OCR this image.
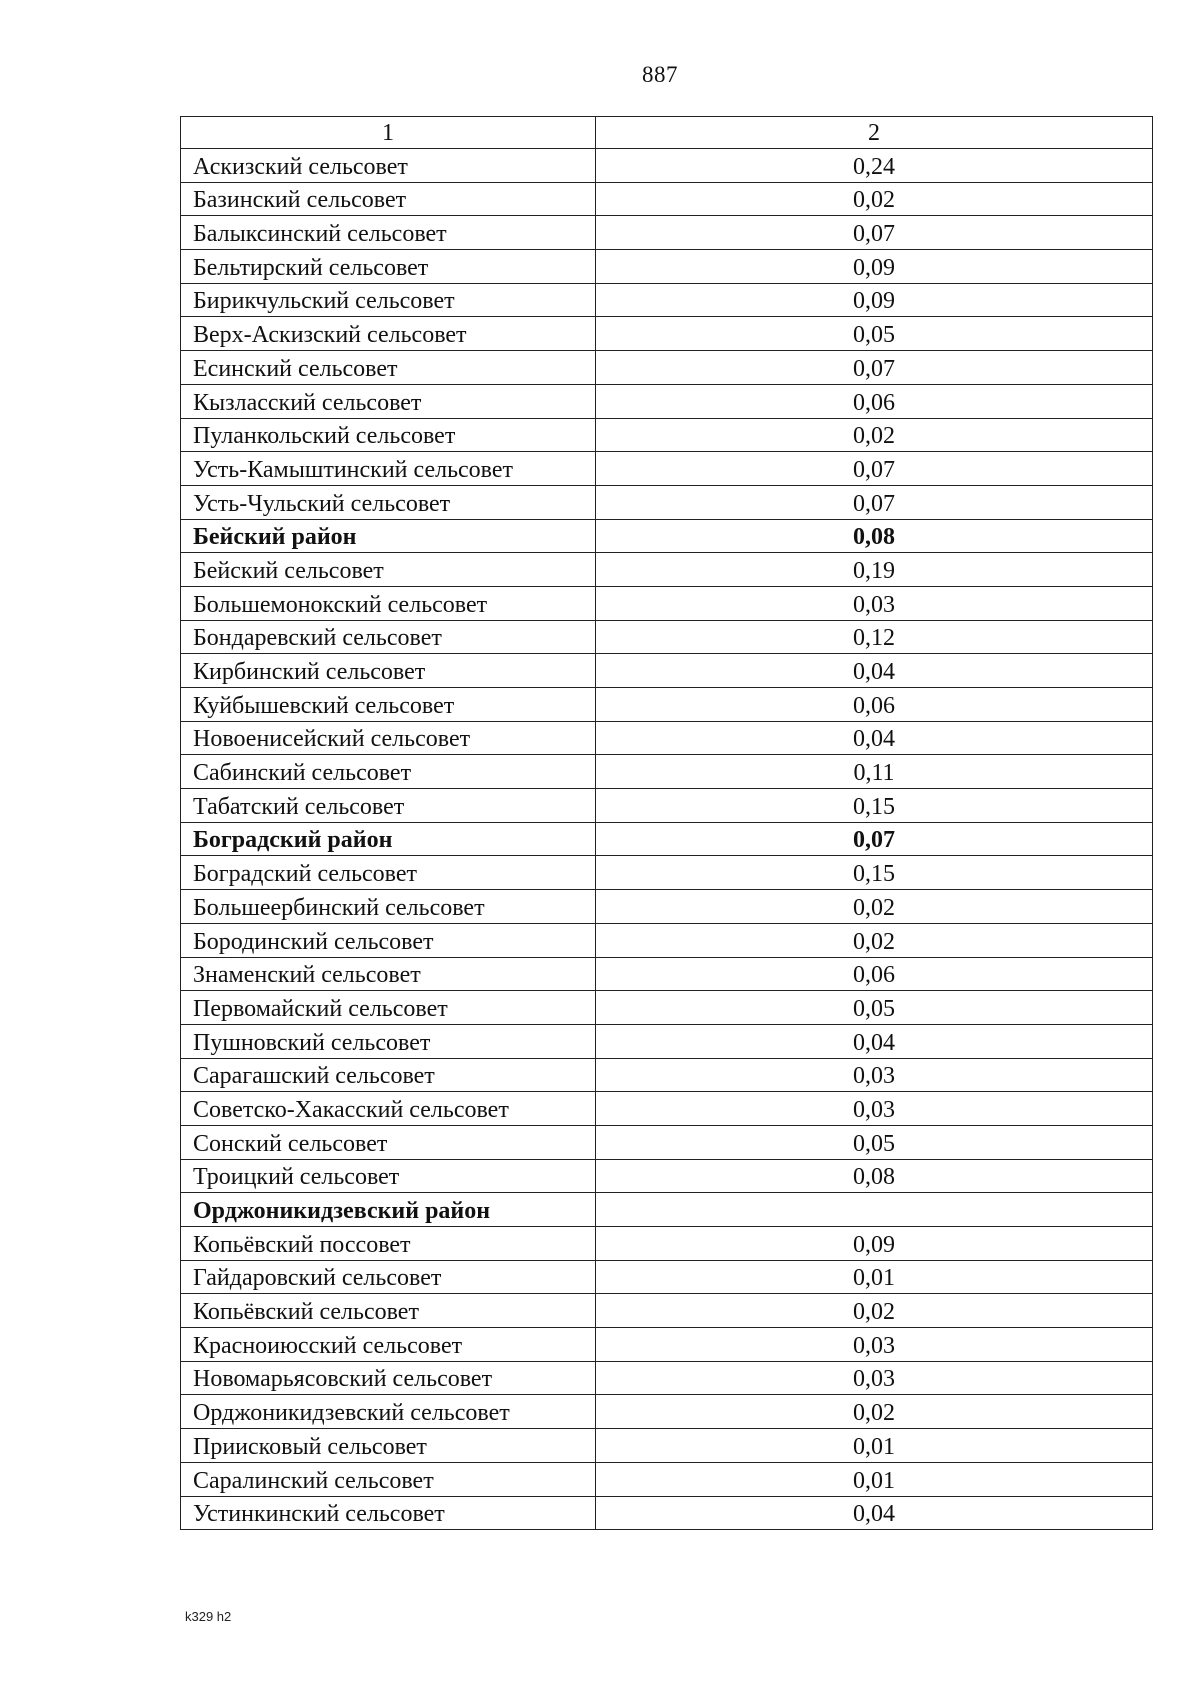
887
1	2
Аскизский сельсовет	0,24
Базинский сельсовет	0,02
Балыксинский сельсовет	0,07
Бельтирский сельсовет	0,09
Бирикчульский сельсовет	0,09
Верх-Аскизский сельсовет	0,05
Есинский сельсовет	0,07
Кызласский сельсовет	0,06
Пуланкольский сельсовет	0,02
Усть-Камыштинский сельсовет	0,07
Усть-Чульский сельсовет	0,07
Бейский район	0,08
Бейский сельсовет	0,19
Большемонокский сельсовет	0,03
Бондаревский сельсовет	0,12
Кирбинский сельсовет	0,04
Куйбышевский сельсовет	0,06
Новоенисейский сельсовет	0,04
Сабинский сельсовет	0,11
Табатский сельсовет	0,15
Боградский район	0,07
Боградский сельсовет	0,15
Большеербинский сельсовет	0,02
Бородинский сельсовет	0,02
Знаменский сельсовет	0,06
Первомайский сельсовет	0,05
Пушновский сельсовет	0,04
Сарагашский сельсовет	0,03
Советско-Хакасский сельсовет	0,03
Сонский сельсовет	0,05
Троицкий сельсовет	0,08
Орджоникидзевский район	
Копьёвский поссовет	0,09
Гайдаровский сельсовет	0,01
Копьёвский сельсовет	0,02
Красноиюсский сельсовет	0,03
Новомарьясовский сельсовет	0,03
Орджоникидзевский сельсовет	0,02
Приисковый сельсовет	0,01
Саралинский сельсовет	0,01
Устинкинский сельсовет	0,04
k329 h2
